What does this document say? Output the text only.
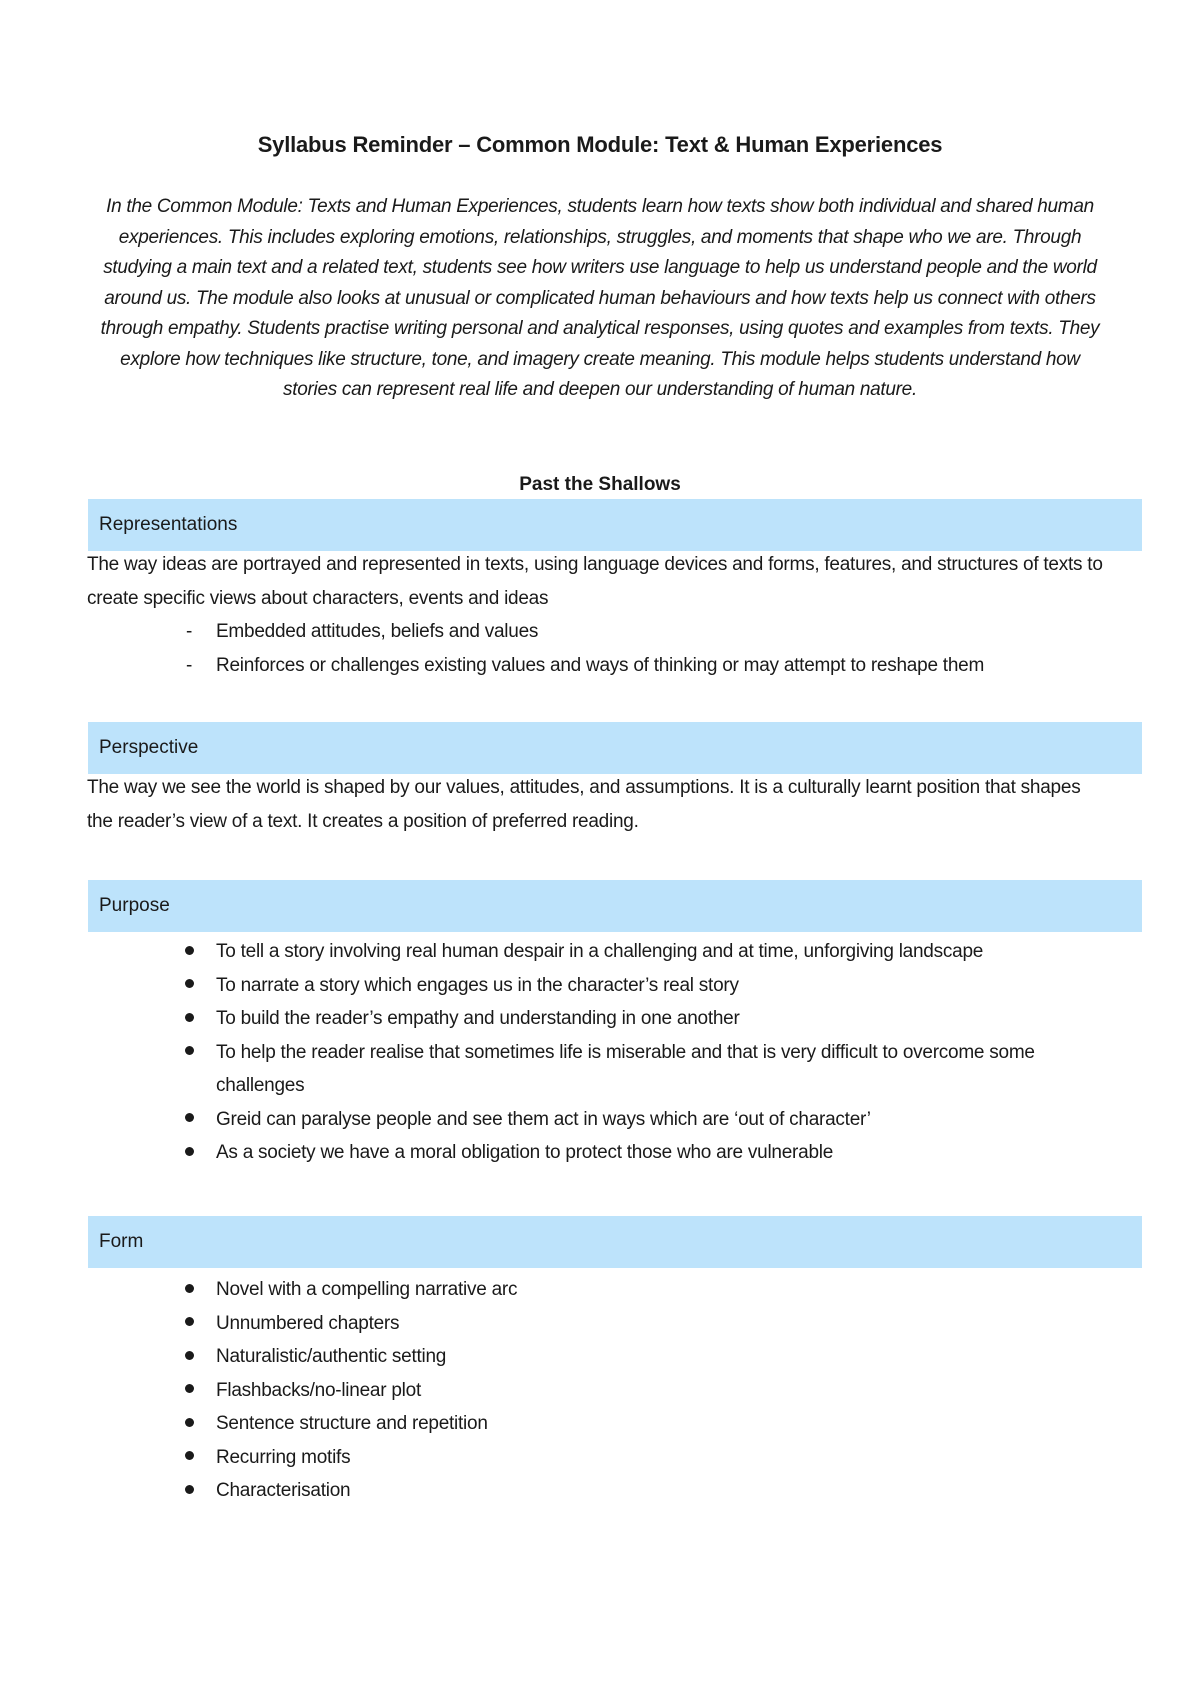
Syllabus Reminder – Common Module: Text & Human Experiences
In the Common Module: Texts and Human Experiences, students learn how texts show both individual and shared human experiences. This includes exploring emotions, relationships, struggles, and moments that shape who we are. Through studying a main text and a related text, students see how writers use language to help us understand people and the world around us. The module also looks at unusual or complicated human behaviours and how texts help us connect with others through empathy. Students practise writing personal and analytical responses, using quotes and examples from texts. They explore how techniques like structure, tone, and imagery create meaning. This module helps students understand how stories can represent real life and deepen our understanding of human nature.
Past the Shallows
Representations
The way ideas are portrayed and represented in texts, using language devices and forms, features, and structures of texts to create specific views about characters, events and ideas
- Embedded attitudes, beliefs and values
- Reinforces or challenges existing values and ways of thinking or may attempt to reshape them
Perspective
The way we see the world is shaped by our values, attitudes, and assumptions. It is a culturally learnt position that shapes the reader’s view of a text. It creates a position of preferred reading.
Purpose
To tell a story involving real human despair in a challenging and at time, unforgiving landscape
To narrate a story which engages us in the character’s real story
To build the reader’s empathy and understanding in one another
To help the reader realise that sometimes life is miserable and that is very difficult to overcome some challenges
Greid can paralyse people and see them act in ways which are ‘out of character’
As a society we have a moral obligation to protect those who are vulnerable
Form
Novel with a compelling narrative arc
Unnumbered chapters
Naturalistic/authentic setting
Flashbacks/no-linear plot
Sentence structure and repetition
Recurring motifs
Characterisation
